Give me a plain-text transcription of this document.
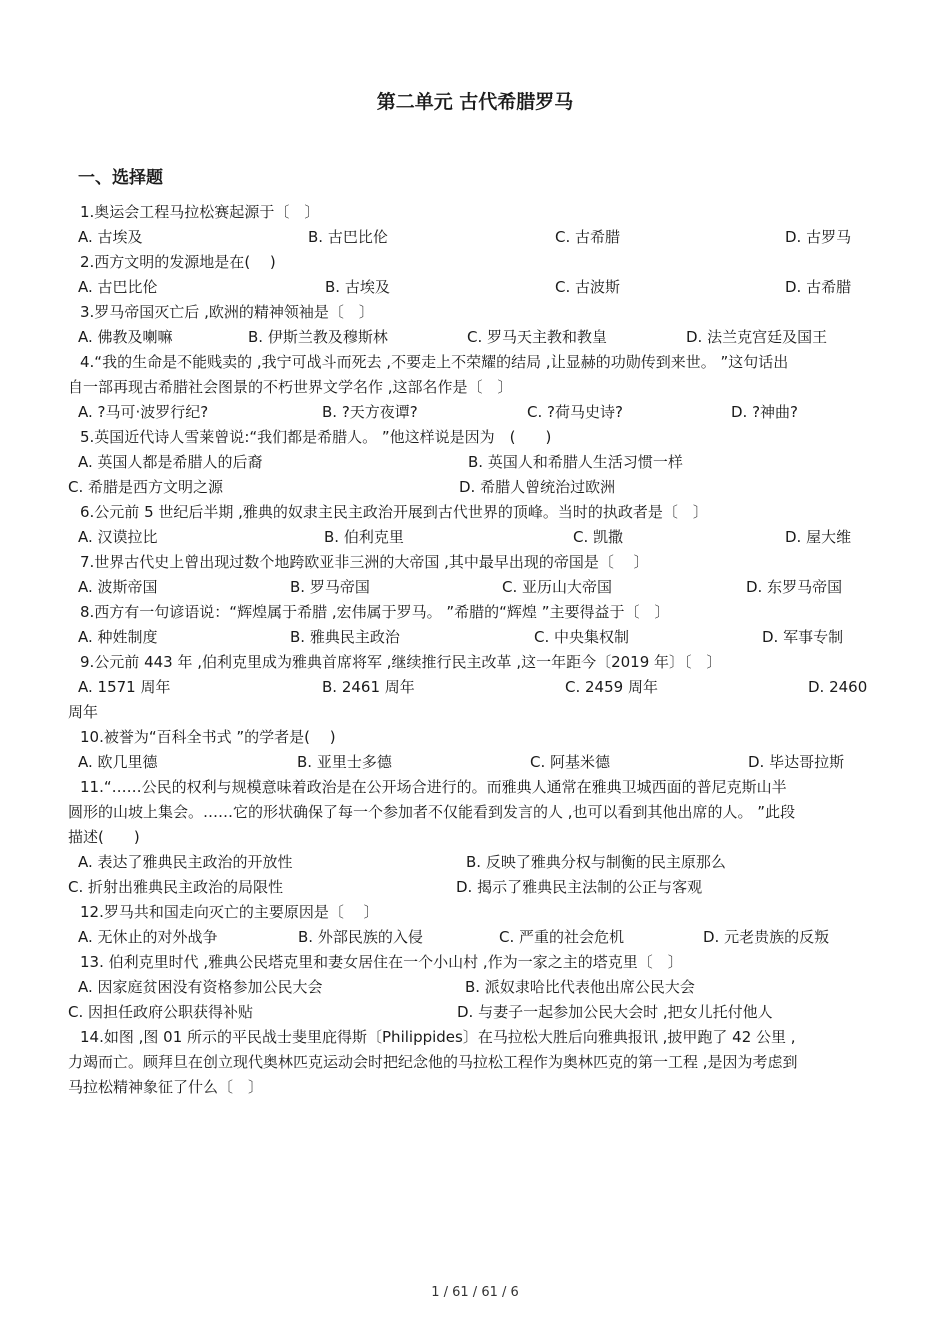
第二单元 古代希腊罗马
一、选择题
1.奥运会工程马拉松赛起源于〔　〕
A. 古埃及	B. 古巴比伦	C. 古希腊	D. 古罗马
2.西方文明的发源地是在(　 )
A. 古巴比伦	B. 古埃及	C. 古波斯	D. 古希腊
3.罗马帝国灭亡后 ,欧洲的精神领袖是〔　〕
A. 佛教及喇嘛	B. 伊斯兰教及穆斯林	C. 罗马天主教和教皇	D. 法兰克宫廷及国王
4.“我的生命是不能贱卖的 ,我宁可战斗而死去 ,不要走上不荣耀的结局 ,让显赫的功勋传到来世。 ”这句话出
自一部再现古希腊社会图景的不朽世界文学名作 ,这部名作是〔　〕
A. ?马可·波罗行纪?	B. ?天方夜谭?	C. ?荷马史诗?	D. ?神曲?
5.英国近代诗人雪莱曾说:“我们都是希腊人。 ”他这样说是因为　(　　)
A. 英国人都是希腊人的后裔	B. 英国人和希腊人生活习惯一样
C. 希腊是西方文明之源	D. 希腊人曾统治过欧洲
6.公元前 5 世纪后半期 ,雅典的奴隶主民主政治开展到古代世界的顶峰。当时的执政者是〔　〕
A. 汉谟拉比	B. 伯利克里	C. 凯撒	D. 屋大维
7.世界古代史上曾出现过数个地跨欧亚非三洲的大帝国 ,其中最早出现的帝国是〔　 〕
A. 波斯帝国	B. 罗马帝国	C. 亚历山大帝国	D. 东罗马帝国
8.西方有一句谚语说：“辉煌属于希腊 ,宏伟属于罗马。 ”希腊的“辉煌 ”主要得益于〔　〕
A. 种姓制度	B. 雅典民主政治	C. 中央集权制	D. 军事专制
9.公元前 443 年 ,伯利克里成为雅典首席将军 ,继续推行民主改革 ,这一年距今〔2019 年〕〔　〕
A. 1571 周年	B. 2461 周年	C. 2459 周年	D. 2460
周年
10.被誉为“百科全书式 ”的学者是(　 )
A. 欧几里德	B. 亚里士多德	C. 阿基米德	D. 毕达哥拉斯
11.“……公民的权利与规模意味着政治是在公开场合进行的。而雅典人通常在雅典卫城西面的普尼克斯山半
圆形的山坡上集会。……它的形状确保了每一个参加者不仅能看到发言的人 ,也可以看到其他出席的人。 ”此段
描述(　　)
A. 表达了雅典民主政治的开放性	B. 反映了雅典分权与制衡的民主原那么
C. 折射出雅典民主政治的局限性	D. 揭示了雅典民主法制的公正与客观
12.罗马共和国走向灭亡的主要原因是〔　 〕
A. 无休止的对外战争	B. 外部民族的入侵	C. 严重的社会危机	D. 元老贵族的反叛
13. 伯利克里时代 ,雅典公民塔克里和妻女居住在一个小山村 ,作为一家之主的塔克里〔　〕
A. 因家庭贫困没有资格参加公民大会	B. 派奴隶哈比代表他出席公民大会
C. 因担任政府公职获得补贴	D. 与妻子一起参加公民大会时 ,把女儿托付他人
14.如图 ,图 01 所示的平民战士斐里庇得斯〔Philippides〕在马拉松大胜后向雅典报讯 ,披甲跑了 42 公里 ,
力竭而亡。顾拜旦在创立现代奥林匹克运动会时把纪念他的马拉松工程作为奥林匹克的第一工程 ,是因为考虑到
马拉松精神象征了什么〔　〕
1 / 61 / 61 / 6
